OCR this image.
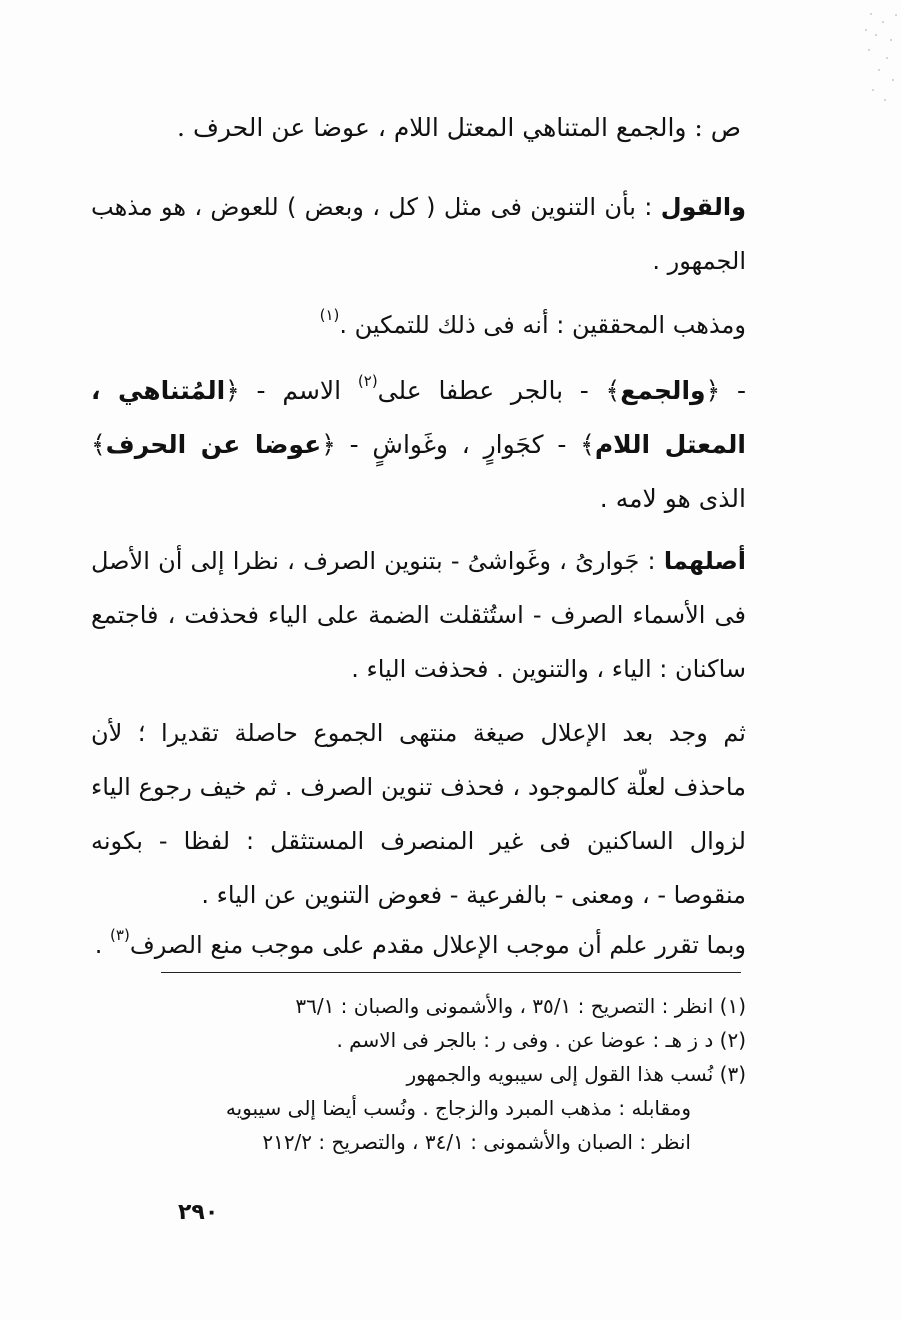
ص : والجمع المتناهي المعتل اللام ، عوضا عن الحرف .
والقول : بأن التنوين فى مثل ( كل ، وبعض ) للعوض ، هو مذهب الجمهور .
ومذهب المحققين : أنه فى ذلك للتمكين .$^{(١)}$
- ﴿والجمع﴾ - بالجر عطفا على$^{(٢)}$ الاسم - ﴿المُتناهي ، المعتل اللام﴾ - كجَوارٍ ، وغَواشٍ - ﴿عوضا عن الحرف﴾ الذى هو لامه .
أصلهما : جَوارىُ ، وغَواشىُ - بتنوين الصرف ، نظرا إلى أن الأصل فى الأسماء الصرف - استُثقلت الضمة على الياء فحذفت ، فاجتمع ساكنان : الياء ، والتنوين . فحذفت الياء .
ثم وجد بعد الإعلال صيغة منتهى الجموع حاصلة تقديرا ؛ لأن ماحذف لعلّة كالموجود ، فحذف تنوين الصرف . ثم خيف رجوع الياء لزوال الساكنين فى غير المنصرف المستثقل : لفظا - بكونه منقوصا - ، ومعنى - بالفرعية - فعوض التنوين عن الياء .
وبما تقرر علم أن موجب الإعلال مقدم على موجب منع الصرف$^{(٣)}$ .
(١) انظر : التصريح : ٣٥/١ ، والأشمونى والصبان : ٣٦/١
(٢) د ز هـ : عوضا عن . وفى ر : بالجر فى الاسم .
(٣) نُسب هذا القول إلى سيبويه والجمهور
ومقابله : مذهب المبرد والزجاج . ونُسب أيضا إلى سيبويه
انظر : الصبان والأشمونى : ٣٤/١ ، والتصريح : ٢١٢/٢
٢٩٠
